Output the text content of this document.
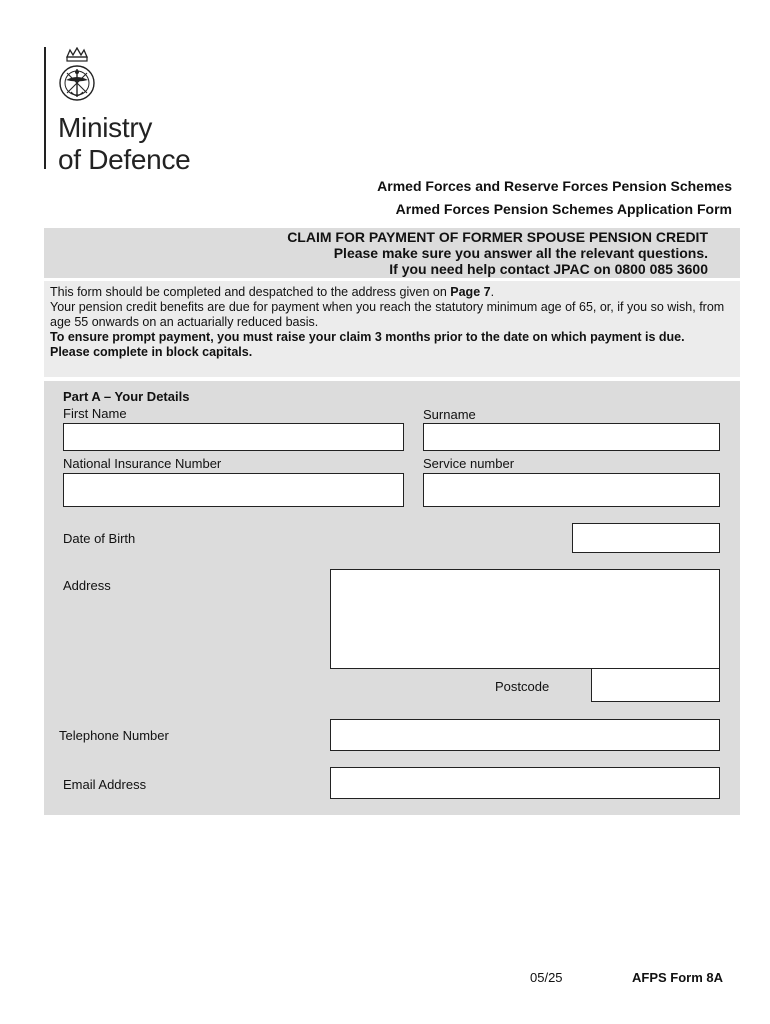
Ministry
of Defence
Armed Forces and Reserve Forces Pension Schemes
Armed Forces Pension Schemes Application Form
CLAIM FOR PAYMENT OF FORMER SPOUSE PENSION CREDIT
Please make sure you answer all the relevant questions.
If you need help contact JPAC on 0800 085 3600

This form should be completed and despatched to the address given on Page 7.

Your pension credit benefits are due for payment when you reach the statutory minimum age of 65, or, if you so wish, from age 55 onwards on an actuarially reduced basis.

To ensure prompt payment, you must raise your claim 3 months prior to the date on which payment is due.

Please complete in block capitals.

Part A – Your Details
First Name	Surname
National Insurance Number	Service number
Date of Birth
Address
Postcode
Telephone Number
Email Address
05/25	AFPS Form 8A
